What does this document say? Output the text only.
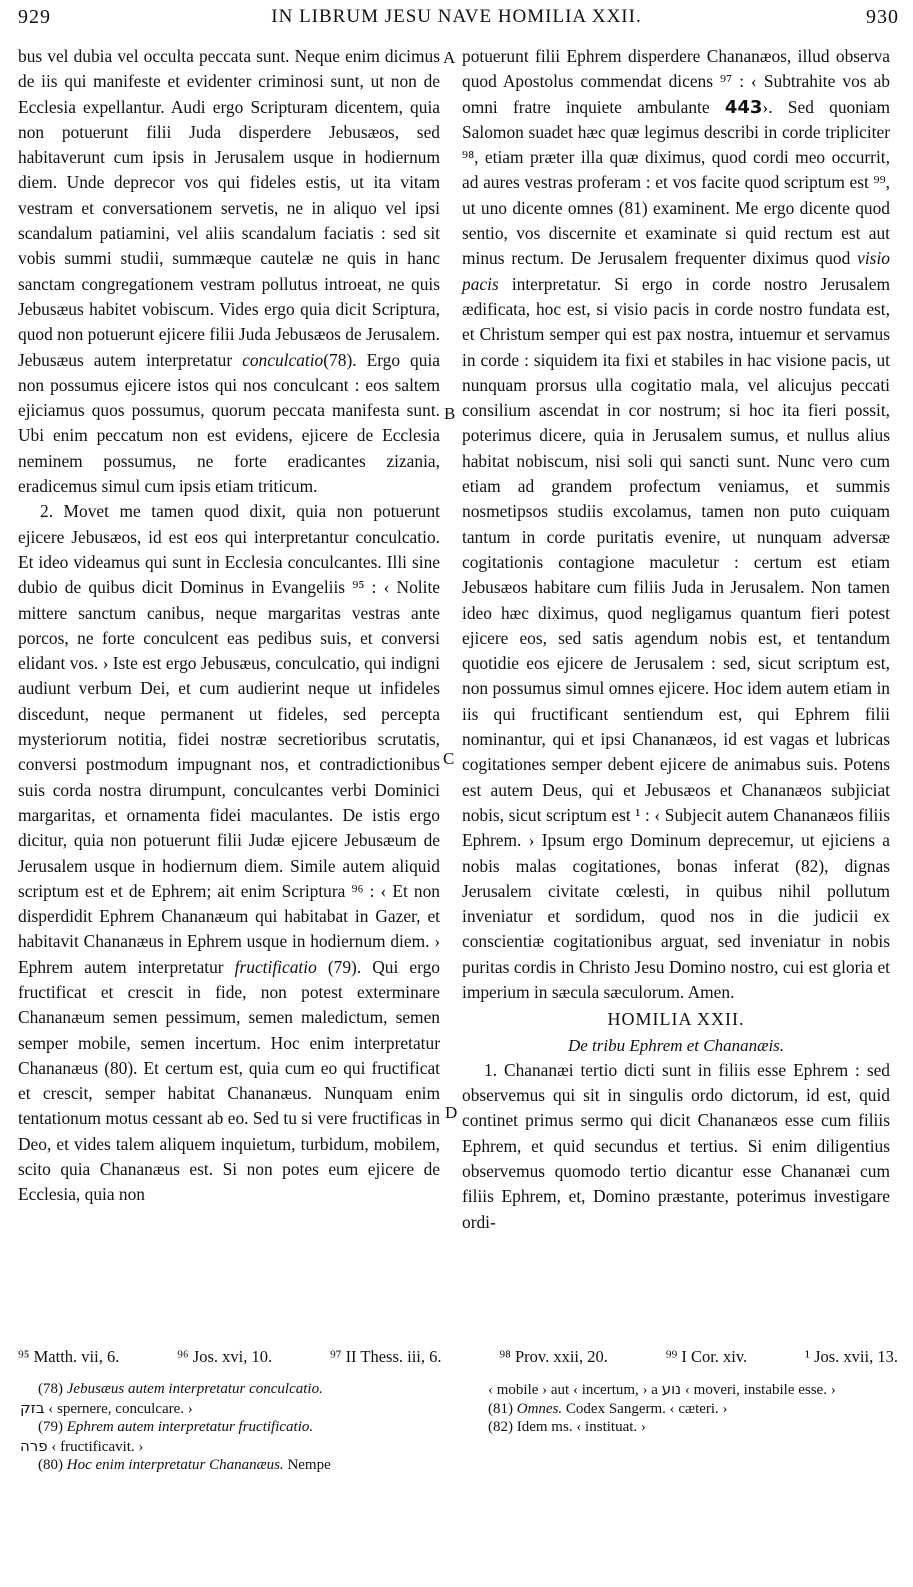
929	IN LIBRUM JESU NAVE HOMILIA XXII.	930
A
B
C
D

bus vel dubia vel occulta peccata sunt. Neque enim dicimus de iis qui manifeste et evidenter criminosi sunt, ut non de Ecclesia expellantur. Audi ergo Scripturam dicentem, quia non potuerunt filii Juda disperdere Jebusæos, sed habitaverunt cum ipsis in Jerusalem usque in hodiernum diem. Unde deprecor vos qui fideles estis, ut ita vitam vestram et conversationem servetis, ne in aliquo vel ipsi scandalum patiamini, vel aliis scandalum faciatis : sed sit vobis summi studii, summæque cautelæ ne quis in hanc sanctam congregationem vestram pollutus introeat, ne quis Jebusæus habitet vobiscum. Vides ergo quia dicit Scriptura, quod non potuerunt ejicere filii Juda Jebusæos de Jerusalem. Jebusæus autem interpretatur conculcatio(78). Ergo quia non possumus ejicere istos qui nos conculcant : eos saltem ejiciamus quos possumus, quorum peccata manifesta sunt. Ubi enim peccatum non est evidens, ejicere de Ecclesia neminem possumus, ne forte eradicantes zizania, eradicemus simul cum ipsis etiam triticum.

2. Movet me tamen quod dixit, quia non potuerunt ejicere Jebusæos, id est eos qui interpretantur conculcatio. Et ideo videamus qui sunt in Ecclesia conculcantes. Illi sine dubio de quibus dicit Dominus in Evangeliis ⁹⁵ : ‹ Nolite mittere sanctum canibus, neque margaritas vestras ante porcos, ne forte conculcent eas pedibus suis, et conversi elidant vos. › Iste est ergo Jebusæus, conculcatio, qui indigni audiunt verbum Dei, et cum audierint neque ut infideles discedunt, neque permanent ut fideles, sed percepta mysteriorum notitia, fidei nostræ secretioribus scrutatis, conversi postmodum impugnant nos, et contradictionibus suis corda nostra dirumpunt, conculcantes verbi Dominici margaritas, et ornamenta fidei maculantes. De istis ergo dicitur, quia non potuerunt filii Judæ ejicere Jebusæum de Jerusalem usque in hodiernum diem. Simile autem aliquid scriptum est et de Ephrem; ait enim Scriptura ⁹⁶ : ‹ Et non disperdidit Ephrem Chananæum qui habitabat in Gazer, et habitavit Chananæus in Ephrem usque in hodiernum diem. › Ephrem autem interpretatur fructificatio (79). Qui ergo fructificat et crescit in fide, non potest exterminare Chananæum semen pessimum, semen maledictum, semen semper mobile, semen incertum. Hoc enim interpretatur Chananæus (80). Et certum est, quia cum eo qui fructificat et crescit, semper habitat Chananæus. Nunquam enim tentationum motus cessant ab eo. Sed tu si vere fructificas in Deo, et vides talem aliquem inquietum, turbidum, mobilem, scito quia Chananæus est. Si non potes eum ejicere de Ecclesia, quia non

potuerunt filii Ephrem disperdere Chananæos, illud observa quod Apostolus commendat dicens ⁹⁷ : ‹ Subtrahite vos ab omni fratre inquiete ambulante 443›. Sed quoniam Salomon suadet hæc quæ legimus describi in corde tripliciter ⁹⁸, etiam præter illa quæ diximus, quod cordi meo occurrit, ad aures vestras proferam : et vos facite quod scriptum est ⁹⁹, ut uno dicente omnes (81) examinent. Me ergo dicente quod sentio, vos discernite et examinate si quid rectum est aut minus rectum. De Jerusalem frequenter diximus quod visio pacis interpretatur. Si ergo in corde nostro Jerusalem ædificata, hoc est, si visio pacis in corde nostro fundata est, et Christum semper qui est pax nostra, intuemur et servamus in corde : siquidem ita fixi et stabiles in hac visione pacis, ut nunquam prorsus ulla cogitatio mala, vel alicujus peccati consilium ascendat in cor nostrum; si hoc ita fieri possit, poterimus dicere, quia in Jerusalem sumus, et nullus alius habitat nobiscum, nisi soli qui sancti sunt. Nunc vero cum etiam ad grandem profectum veniamus, et summis nosmetipsos studiis excolamus, tamen non puto cuiquam tantum in corde puritatis evenire, ut nunquam adversæ cogitationis contagione maculetur : certum est etiam Jebusæos habitare cum filiis Juda in Jerusalem. Non tamen ideo hæc diximus, quod negligamus quantum fieri potest ejicere eos, sed satis agendum nobis est, et tentandum quotidie eos ejicere de Jerusalem : sed, sicut scriptum est, non possumus simul omnes ejicere. Hoc idem autem etiam in iis qui fructificant sentiendum est, qui Ephrem filii nominantur, qui et ipsi Chananæos, id est vagas et lubricas cogitationes semper debent ejicere de animabus suis. Potens est autem Deus, qui et Jebusæos et Chananæos subjiciat nobis, sicut scriptum est ¹ : ‹ Subjecit autem Chananæos filiis Ephrem. › Ipsum ergo Dominum deprecemur, ut ejiciens a nobis malas cogitationes, bonas inferat (82), dignas Jerusalem civitate cœlesti, in quibus nihil pollutum inveniatur et sordidum, quod nos in die judicii ex conscientiæ cogitationibus arguat, sed inveniatur in nobis puritas cordis in Christo Jesu Domino nostro, cui est gloria et imperium in sæcula sæculorum. Amen.

HOMILIA XXII.
De tribu Ephrem et Chananæis.

1. Chananæi tertio dicti sunt in filiis esse Ephrem : sed observemus qui sit in singulis ordo dictorum, id est, quid continet primus sermo qui dicit Chananæos esse cum filiis Ephrem, et quid secundus et tertius. Si enim diligentius observemus quomodo tertio dicantur esse Chananæi cum filiis Ephrem, et, Domino præstante, poterimus investigare ordi-

⁹⁵ Matth. vii, 6.	⁹⁶ Jos. xvi, 10.	⁹⁷ II Thess. iii, 6.	⁹⁸ Prov. xxii, 20.	⁹⁹ I Cor. xiv.	¹ Jos. xvii, 13.

(78) Jebusæus autem interpretatur conculcatio.

בזק ‹ spernere, conculcare. ›

(79) Ephrem autem interpretatur fructificatio.

פרה ‹ fructificavit. ›

(80) Hoc enim interpretatur Chananæus. Nempe

‹ mobile › aut ‹ incertum, › a נוע ‹ moveri, instabile esse. ›

(81) Omnes. Codex Sangerm. ‹ cæteri. ›

(82) Idem ms. ‹ instituat. ›
